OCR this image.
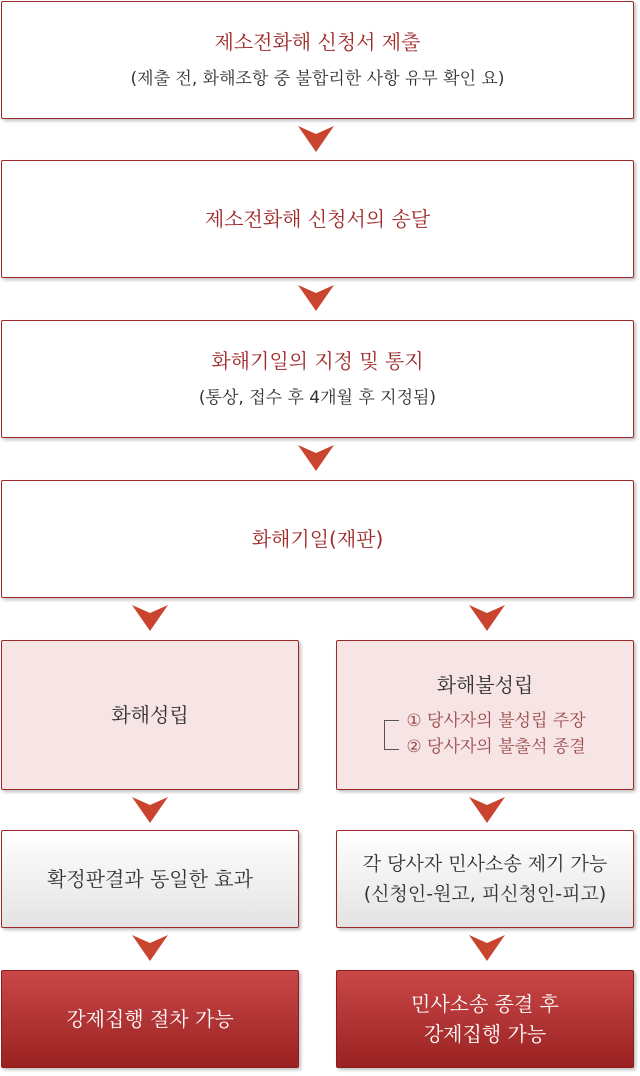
제소전화해 신청서 제출
(제출 전, 화해조항 중 불합리한 사항 유무 확인 요)
제소전화해 신청서의 송달
화해기일의 지정 및 통지
(통상, 접수 후 4개월 후 지정됨)
화해기일(재판)
화해성립
확정판결과 동일한 효과
강제집행 절차 가능
화해불성립
① 당사자의 불성립 주장
② 당사자의 불출석 종결
각 당사자 민사소송 제기 가능
(신청인-원고, 피신청인-피고)
민사소송 종결 후
강제집행 가능
